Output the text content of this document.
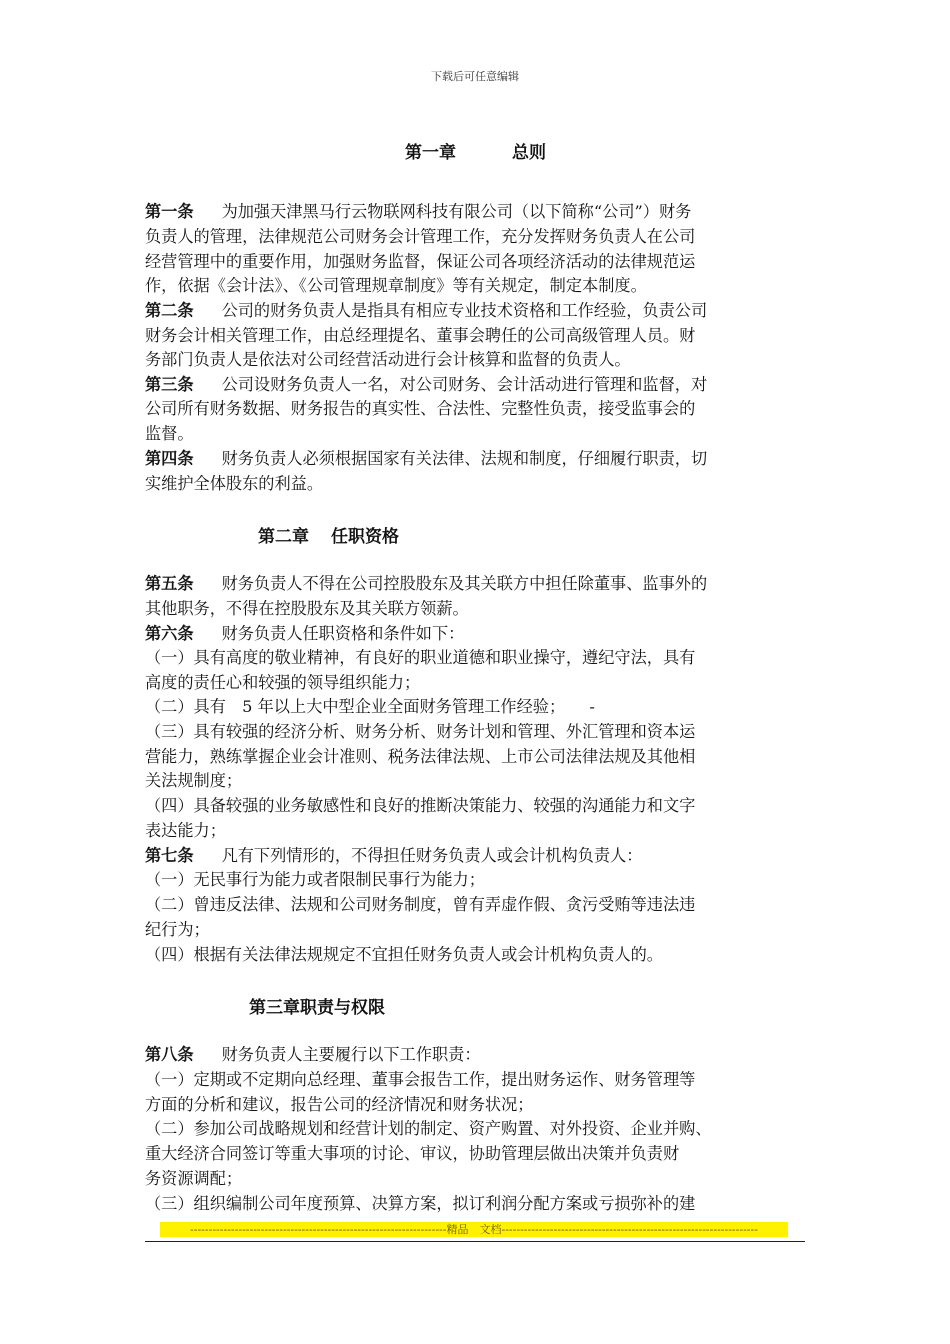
下载后可任意编辑
第一章	总则
第一条 为加强天津黑马行云物联网科技有限公司（以下简称“公司”）财务
负责人的管理，法律规范公司财务会计管理工作，充分发挥财务负责人在公司
经营管理中的重要作用，加强财务监督，保证公司各项经济活动的法律规范运
作，依据《会计法》、《公司管理规章制度》等有关规定，制定本制度。
第二条 公司的财务负责人是指具有相应专业技术资格和工作经验，负责公司
财务会计相关管理工作，由总经理提名、董事会聘任的公司高级管理人员。财
务部门负责人是依法对公司经营活动进行会计核算和监督的负责人。
第三条 公司设财务负责人一名，对公司财务、会计活动进行管理和监督，对
公司所有财务数据、财务报告的真实性、合法性、完整性负责，接受监事会的
监督。
第四条 财务负责人必须根据国家有关法律、法规和制度，仔细履行职责，切
实维护全体股东的利益。
第二章 任职资格
第五条 财务负责人不得在公司控股股东及其关联方中担任除董事、监事外的
其他职务，不得在控股股东及其关联方领薪。
第六条 财务负责人任职资格和条件如下：
（一）具有高度的敬业精神，有良好的职业道德和职业操守，遵纪守法，具有
高度的责任心和较强的领导组织能力；
（二）具有　5 年以上大中型企业全面财务管理工作经验；　　-
（三）具有较强的经济分析、财务分析、财务计划和管理、外汇管理和资本运
营能力，熟练掌握企业会计准则、税务法律法规、上市公司法律法规及其他相
关法规制度；
（四）具备较强的业务敏感性和良好的推断决策能力、较强的沟通能力和文字
表达能力；
第七条 凡有下列情形的，不得担任财务负责人或会计机构负责人：
（一）无民事行为能力或者限制民事行为能力；
（二）曾违反法律、法规和公司财务制度，曾有弄虚作假、贪污受贿等违法违
纪行为；
（四）根据有关法律法规规定不宜担任财务负责人或会计机构负责人的。
第三章职责与权限
第八条 财务负责人主要履行以下工作职责：
（一）定期或不定期向总经理、董事会报告工作，提出财务运作、财务管理等
方面的分析和建议，报告公司的经济情况和财务状况；
（二）参加公司战略规划和经营计划的制定、资产购置、对外投资、企业并购、
重大经济合同签订等重大事项的讨论、审议，协助管理层做出决策并负责财
务资源调配；
（三）组织编制公司年度预算、决算方案，拟订利润分配方案或亏损弥补的建
---------------------------------------------------------------------精品　文档---------------------------------------------------------------------
